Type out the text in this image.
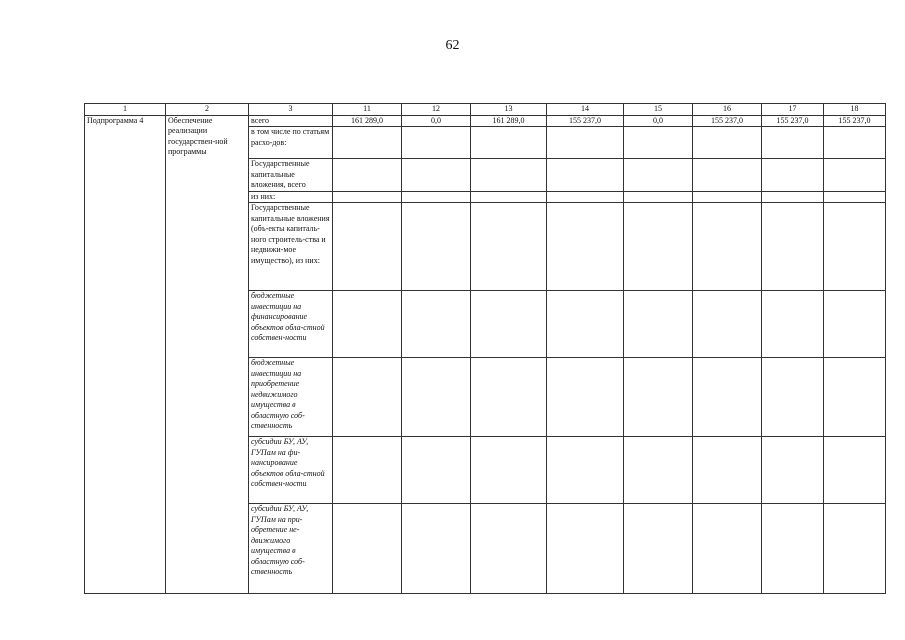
62
1	2	3	11	12	13	14	15	16	17	18
Подпрограмма 4	Обеспечение реализации государствен-ной программы	всего	161 289,0	0,0	161 289,0	155 237,0	0,0	155 237,0	155 237,0	155 237,0
		в том числе по статьям расхо-дов:								
		Государственные капитальные вложения, всего								
		из них:								
		Государственные капитальные вложения (объ-екты капиталь-ного строитель-ства и недвижи-мое имущество), из них:								
		бюджетные инвестиции на финансирование объектов обла-стной собствен-ности								
		бюджетные инвестиции на приобретение недвижимого имущества в областную соб-ственность								
		субсидии БУ, АУ, ГУПам на фи-нансирование объектов обла-стной собствен-ности								
		субсидии БУ, АУ, ГУПам на при-обретение не-движимого имущества в областную соб-ственность								
